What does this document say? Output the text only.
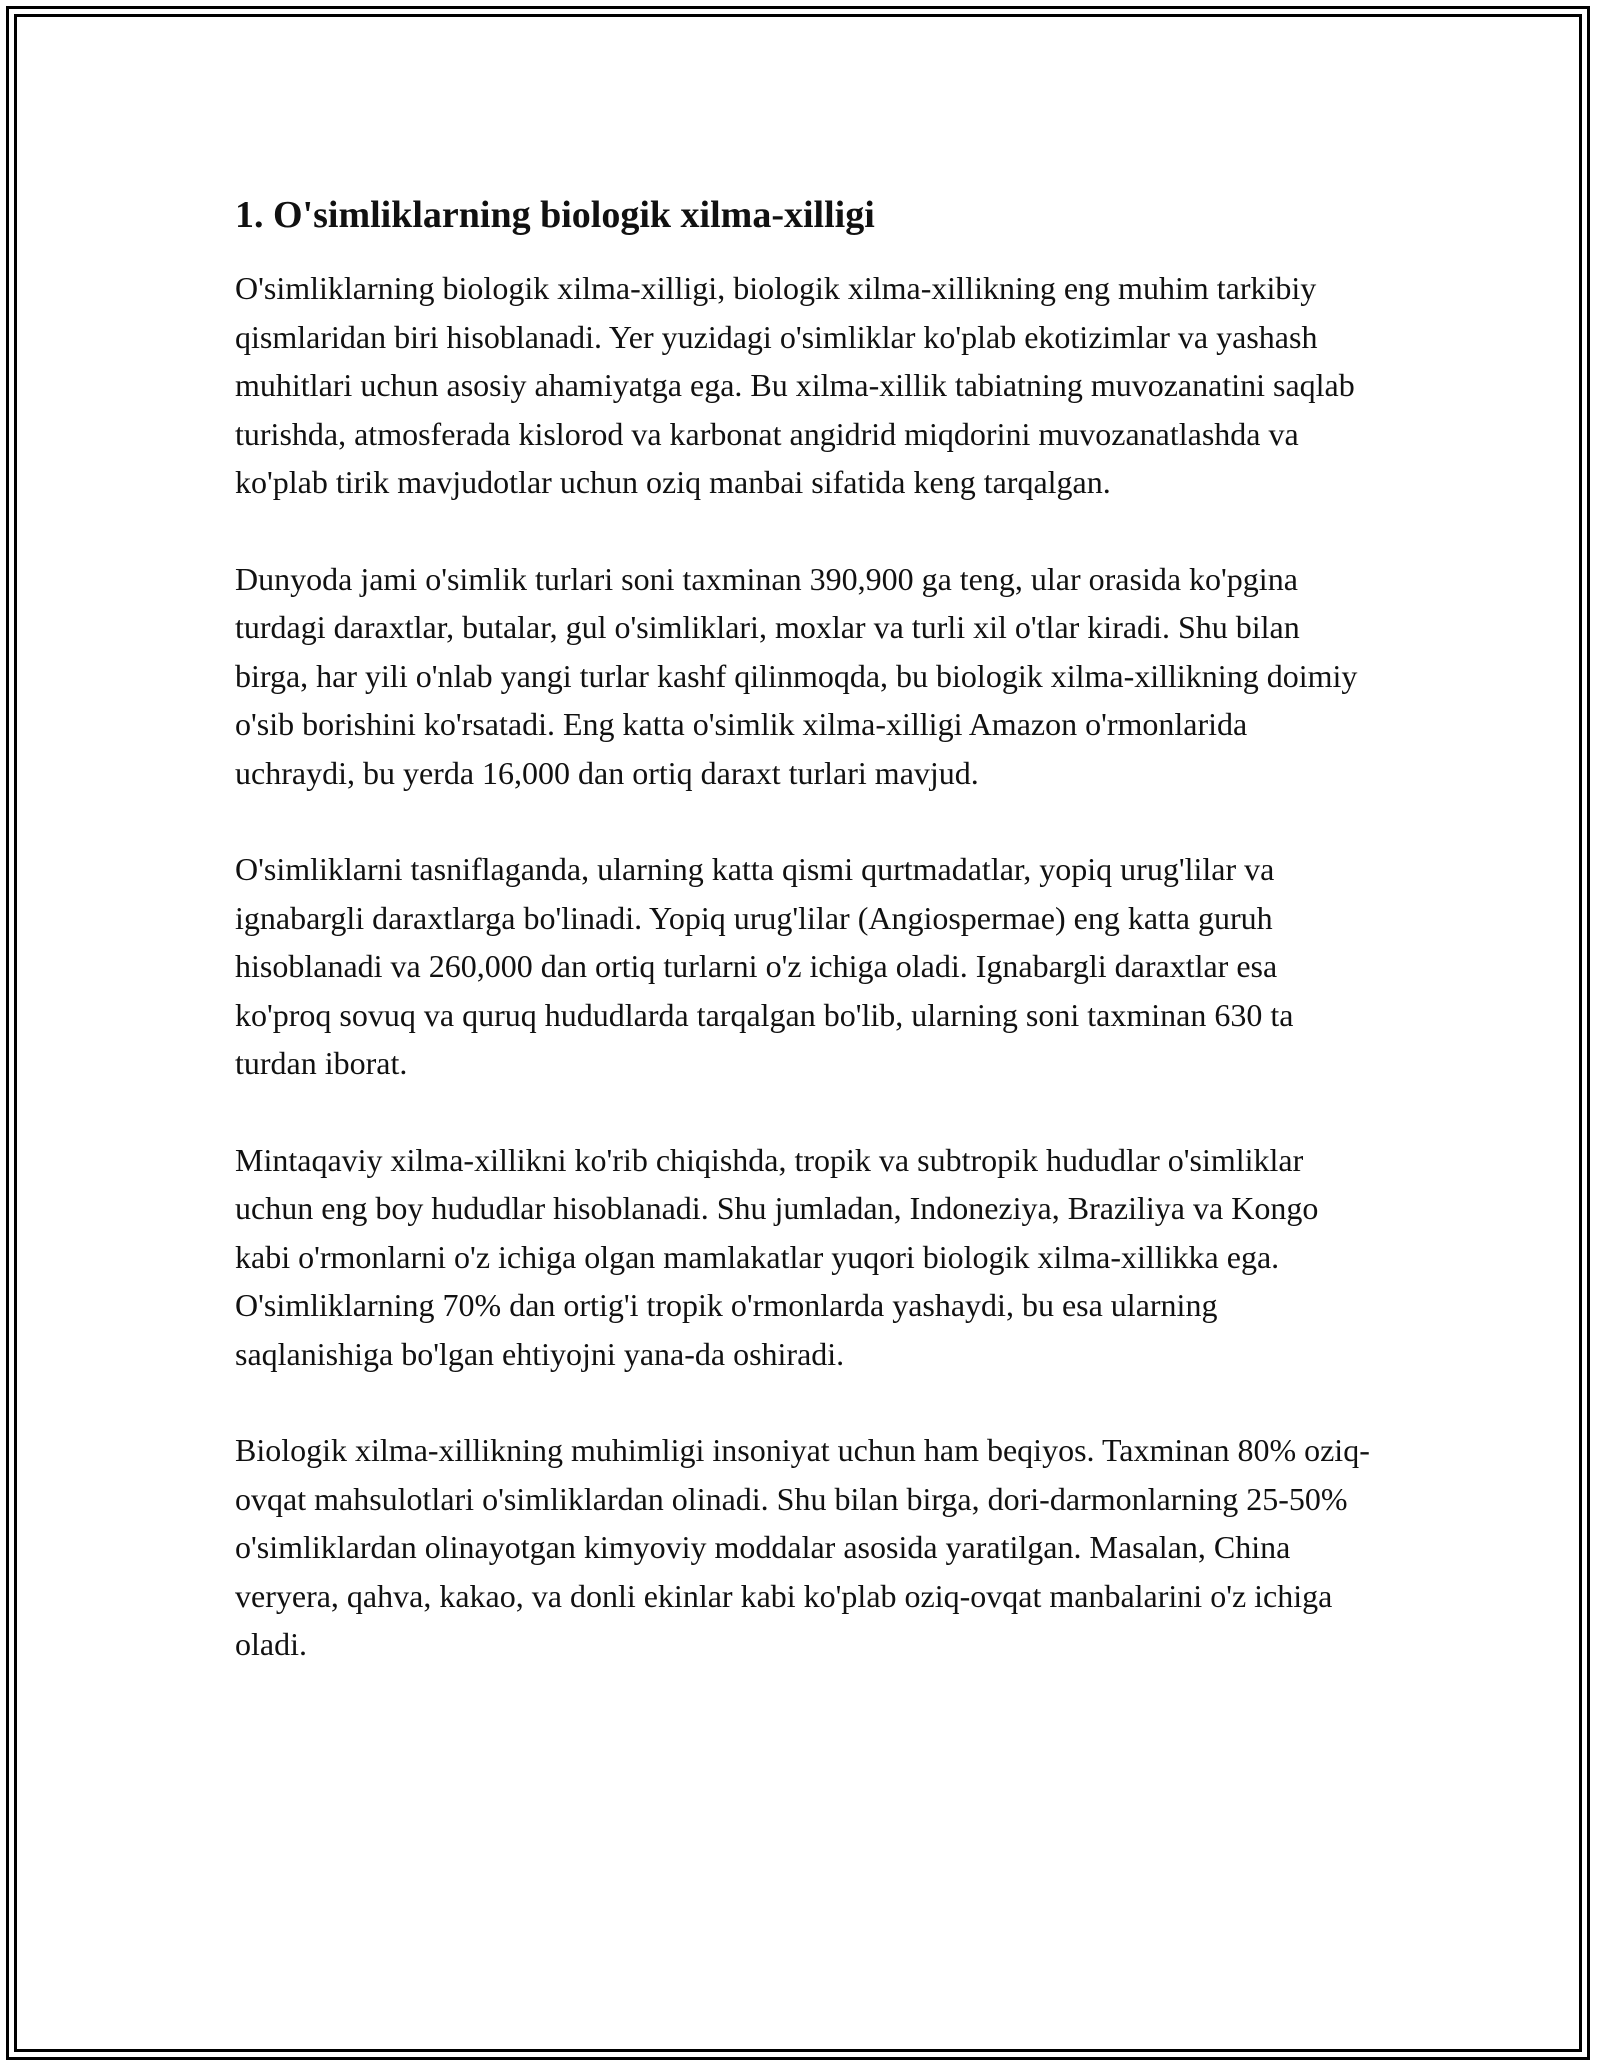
1. O'simliklarning biologik xilma-xilligi

O'simliklarning biologik xilma-xilligi, biologik xilma-xillikning eng muhim tarkibiy qismlaridan biri hisoblanadi. Yer yuzidagi o'simliklar ko'plab ekotizimlar va yashash muhitlari uchun asosiy ahamiyatga ega. Bu xilma-xillik tabiatning muvozanatini saqlab turishda, atmosferada kislorod va karbonat angidrid miqdorini muvozanatlashda va ko'plab tirik mavjudotlar uchun oziq manbai sifatida keng tarqalgan.

Dunyoda jami o'simlik turlari soni taxminan 390,900 ga teng, ular orasida ko'pgina turdagi daraxtlar, butalar, gul o'simliklari, moxlar va turli xil o'tlar kiradi. Shu bilan birga, har yili o'nlab yangi turlar kashf qilinmoqda, bu biologik xilma-xillikning doimiy o'sib borishini ko'rsatadi. Eng katta o'simlik xilma-xilligi Amazon o'rmonlarida uchraydi, bu yerda 16,000 dan ortiq daraxt turlari mavjud.

O'simliklarni tasniflaganda, ularning katta qismi qurtmadatlar, yopiq urug'lilar va ignabargli daraxtlarga bo'linadi. Yopiq urug'lilar (Angiospermae) eng katta guruh hisoblanadi va 260,000 dan ortiq turlarni o'z ichiga oladi. Ignabargli daraxtlar esa ko'proq sovuq va quruq hududlarda tarqalgan bo'lib, ularning soni taxminan 630 ta turdan iborat.

Mintaqaviy xilma-xillikni ko'rib chiqishda, tropik va subtropik hududlar o'simliklar uchun eng boy hududlar hisoblanadi. Shu jumladan, Indoneziya, Braziliya va Kongo kabi o'rmonlarni o'z ichiga olgan mamlakatlar yuqori biologik xilma-xillikka ega. O'simliklarning 70% dan ortig'i tropik o'rmonlarda yashaydi, bu esa ularning saqlanishiga bo'lgan ehtiyojni yana-da oshiradi.

Biologik xilma-xillikning muhimligi insoniyat uchun ham beqiyos. Taxminan 80% oziq-ovqat mahsulotlari o'simliklardan olinadi. Shu bilan birga, dori-darmonlarning 25-50% o'simliklardan olinayotgan kimyoviy moddalar asosida yaratilgan. Masalan, China veryera, qahva, kakao, va donli ekinlar kabi ko'plab oziq-ovqat manbalarini o'z ichiga oladi.
